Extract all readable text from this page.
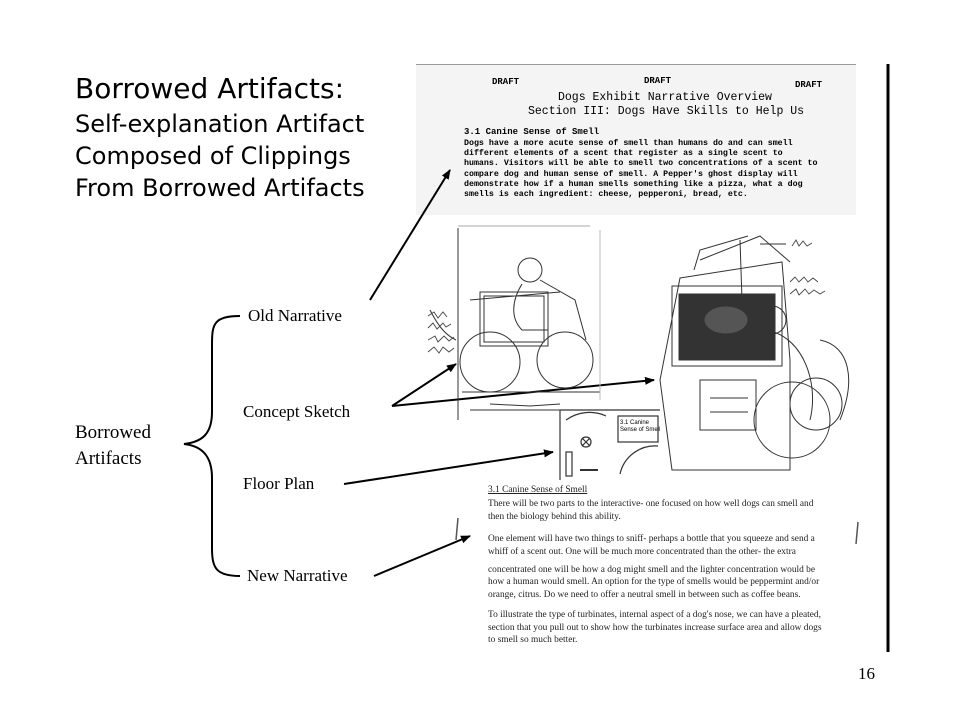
Borrowed Artifacts:
Self-explanation Artifact Composed of Clippings From Borrowed Artifacts
Borrowed Artifacts
Old Narrative
Concept Sketch
Floor Plan
New Narrative
DRAFT	DRAFT	DRAFT
Dogs Exhibit Narrative Overview
Section III: Dogs Have Skills to Help Us
3.1 Canine Sense of Smell
Dogs have a more acute sense of smell than humans do and can smell
different elements of a scent that register as a single scent to
humans. Visitors will be able to smell two concentrations of a scent to
compare dog and human sense of smell. A Pepper's ghost display will
demonstrate how if a human smells something like a pizza, what a dog
smells is each ingredient: cheese, pepperoni, bread, etc.
3.1 Canine
Sense of Smell
3.1 Canine Sense of Smell
There will be two parts to the interactive- one focused on how well dogs can smell and
then the biology behind this ability.
One element will have two things to sniff- perhaps a bottle that you squeeze and send a
whiff of a scent out. One will be much more concentrated than the other- the extra
concentrated one will be how a dog might smell and the lighter concentration would be
how a human would smell. An option for the type of smells would be peppermint and/or
orange, citrus. Do we need to offer a neutral smell in between such as coffee beans.
To illustrate the type of turbinates, internal aspect of a dog's nose, we can have a pleated,
section that you pull out to show how the turbinates increase surface area and allow dogs
to smell so much better.
16
